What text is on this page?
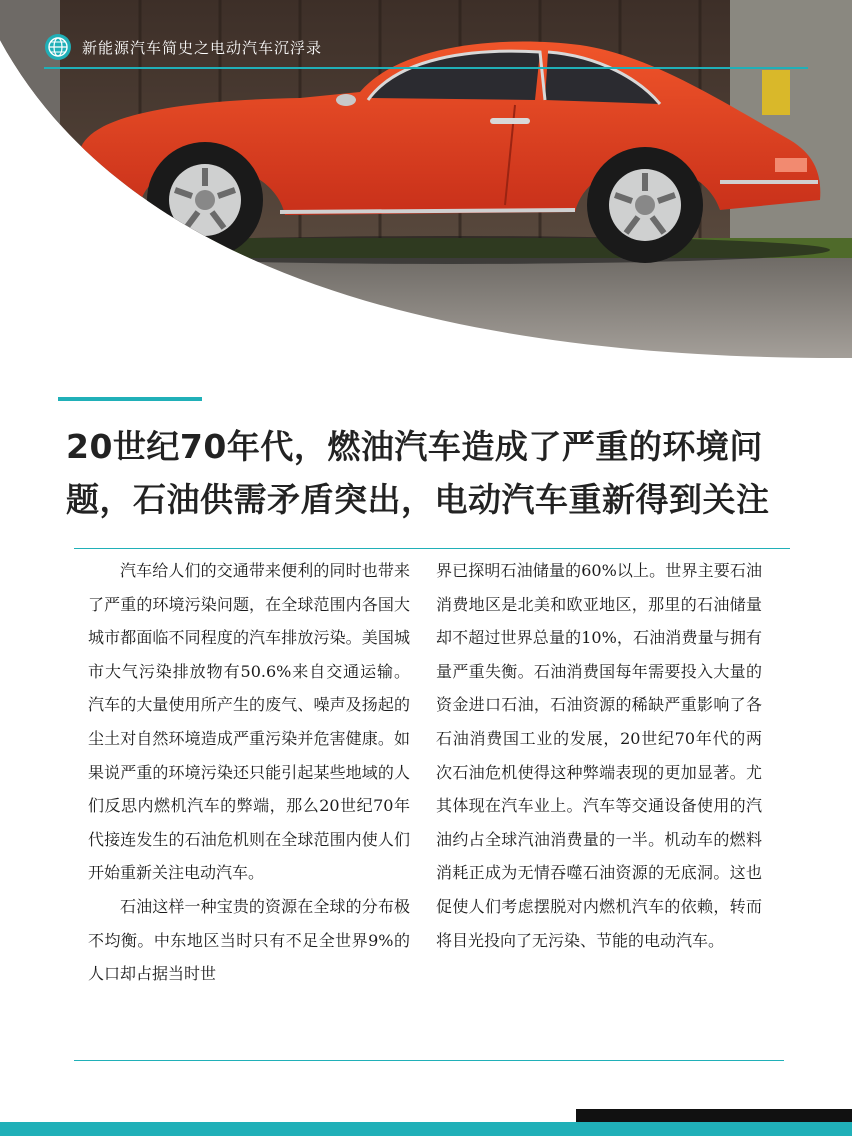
新能源汽车简史之电动汽车沉浮录
20世纪70年代，燃油汽车造成了严重的环境问
题，石油供需矛盾突出，电动汽车重新得到关注

汽车给人们的交通带来便利的同时也带来了严重的环境污染问题，在全球范围内各国大城市都面临不同程度的汽车排放污染。美国城市大气污染排放物有50.6%来自交通运输。汽车的大量使用所产生的废气、噪声及扬起的尘土对自然环境造成严重污染并危害健康。如果说严重的环境污染还只能引起某些地域的人们反思内燃机汽车的弊端，那么20世纪70年代接连发生的石油危机则在全球范围内使人们开始重新关注电动汽车。

石油这样一种宝贵的资源在全球的分布极不均衡。中东地区当时只有不足全世界9%的人口却占据当时世

界已探明石油储量的60%以上。世界主要石油消费地区是北美和欧亚地区，那里的石油储量却不超过世界总量的10%，石油消费量与拥有量严重失衡。石油消费国每年需要投入大量的资金进口石油，石油资源的稀缺严重影响了各石油消费国工业的发展，20世纪70年代的两次石油危机使得这种弊端表现的更加显著。尤其体现在汽车业上。汽车等交通设备使用的汽油约占全球汽油消费量的一半。机动车的燃料消耗正成为无情吞噬石油资源的无底洞。这也促使人们考虑摆脱对内燃机汽车的依赖，转而将目光投向了无污染、节能的电动汽车。
